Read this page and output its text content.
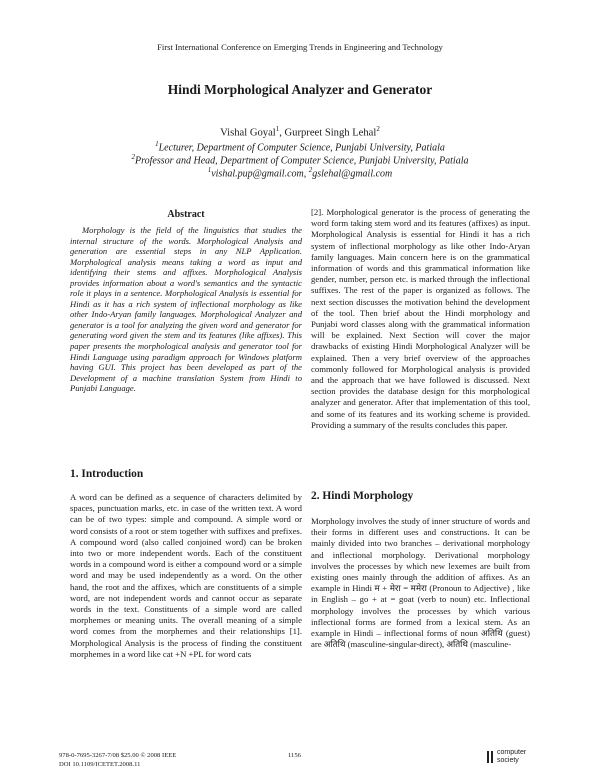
First International Conference on Emerging Trends in Engineering and Technology
Hindi Morphological Analyzer and Generator
Vishal Goyal$^1$, Gurpreet Singh Lehal$^2$
$^1$Lecturer, Department of Computer Science, Punjabi University, Patiala
$^2$Professor and Head, Department of Computer Science, Punjabi University, Patiala
$^1$vishal.pup@gmail.com, $^2$gslehal@gmail.com
Abstract

Morphology is the field of the linguistics that studies the internal structure of the words. Morphological Analysis and generation are essential steps in any NLP Application. Morphological analysis means taking a word as input and identifying their stems and affixes. Morphological Analysis provides information about a word's semantics and the syntactic role it plays in a sentence. Morphological Analysis is essential for Hindi as it has a rich system of inflectional morphology as like other Indo-Aryan family languages. Morphological Analyzer and generator is a tool for analyzing the given word and generator for generating word given the stem and its features (like affixes). This paper presents the morphological analysis and generator tool for Hindi Language using paradigm approach for Windows platform having GUI. This project has been developed as part of the Development of a machine translation System from Hindi to Punjabi Language.

1. Introduction

A word can be defined as a sequence of characters delimited by spaces, punctuation marks, etc. in case of the written text. A word can be of two types: simple and compound. A simple word or word consists of a root or stem together with suffixes and prefixes. A compound word (also called conjoined word) can be broken into two or more independent words. Each of the constituent words in a compound word is either a compound word or a simple word and may be used independently as a word. On the other hand, the root and the affixes, which are constituents of a simple word, are not independent words and cannot occur as separate words in the text. Constituents of a simple word are called morphemes or meaning units. The overall meaning of a simple word comes from the morphemes and their relationships [1]. Morphological Analysis is the process of finding the constituent morphemes in a word like cat +N +PL for word cats

[2]. Morphological generator is the process of generating the word form taking stem word and its features (affixes) as input. Morphological Analysis is essential for Hindi it has a rich system of inflectional morphology as like other Indo-Aryan family languages. Main concern here is on the grammatical information of words and this grammatical information like gender, number, person etc. is marked through the inflectional suffixes. The rest of the paper is organized as follows. The next section discusses the motivation behind the development of the tool. Then brief about the Hindi morphology and Punjabi word classes along with the grammatical information will be explained. Next Section will cover the major drawbacks of existing Hindi Morphological Analyzer will be explained. Then a very brief overview of the approaches commonly followed for Morphological analysis is provided and the approach that we have followed is discussed. Next section provides the database design for this morphological analyzer and generator. After that implementation of this tool, and some of its features and its working scheme is provided. Providing a summary of the results concludes this paper.

2. Hindi Morphology

Morphology involves the study of inner structure of words and their forms in different uses and constructions. It can be mainly divided into two branches – derivational morphology and inflectional morphology. Derivational morphology involves the processes by which new lexemes are built from existing ones mainly through the addition of affixes. As an example in Hindi म + मेरा = ममेरा (Pronoun to Adjective) , like in English – go + at = goat (verb to noun) etc. Inflectional morphology involves the processes by which various inflectional forms are formed from a lexical stem. As an example in Hindi – inflectional forms of noun अतिथि (guest) are अतिथि (masculine-singular-direct), अतिथि (masculine-

978-0-7695-3267-7/08 $25.00 © 2008 IEEE
DOI 10.1109/ICETET.2008.11
1156	computer
society
